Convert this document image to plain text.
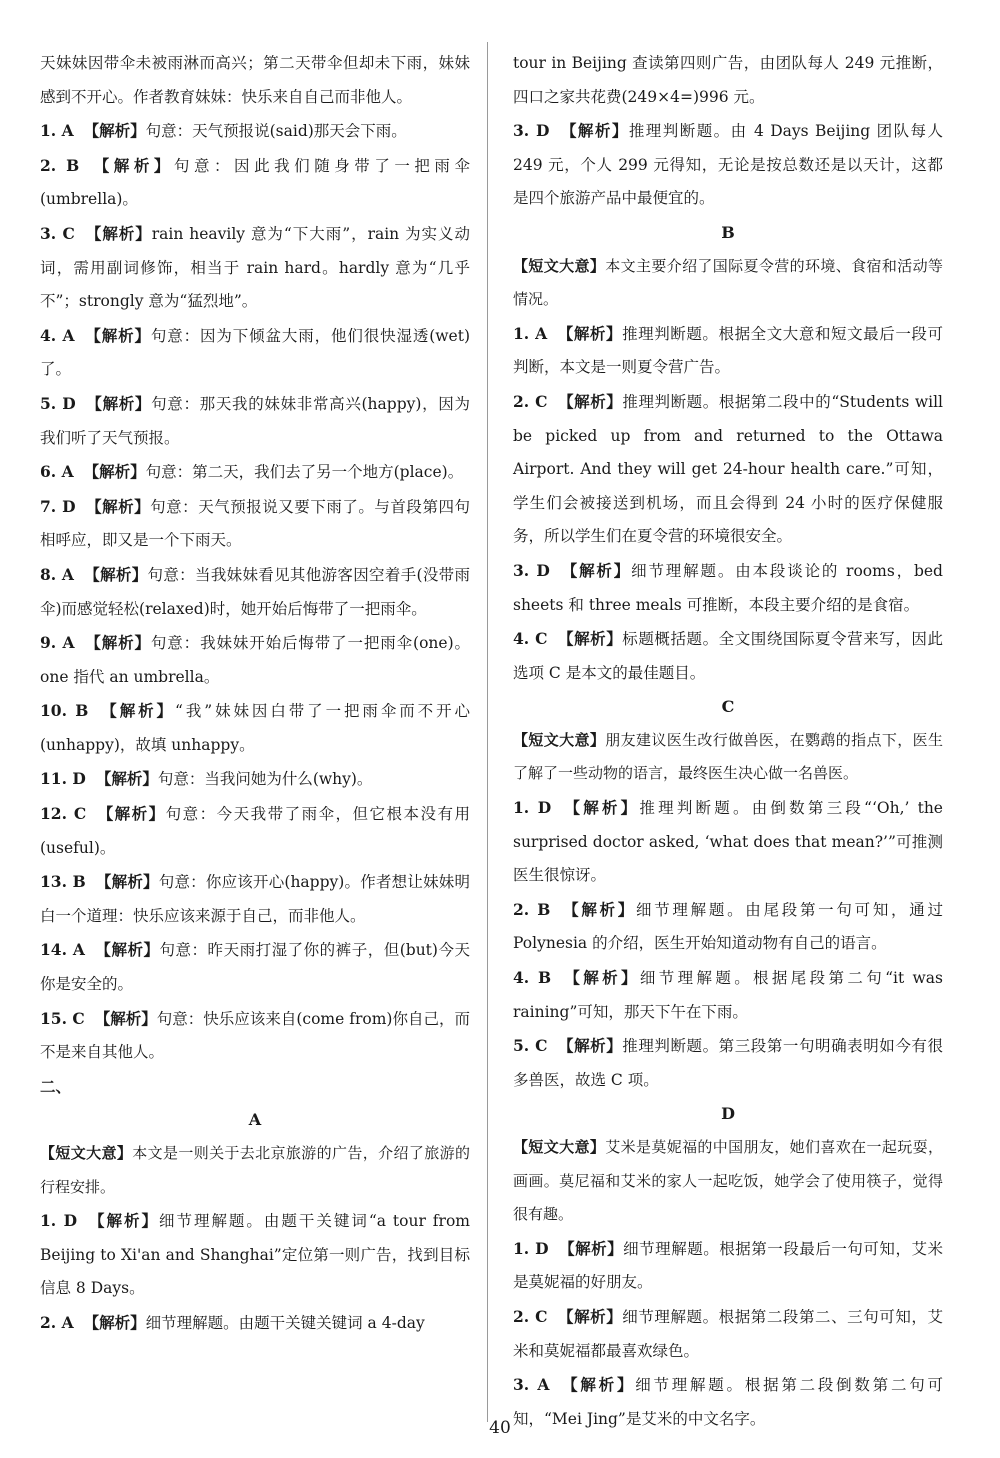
天妹妹因带伞未被雨淋而高兴；第二天带伞但却未下雨，妹妹感到不开心。作者教育妹妹：快乐来自自己而非他人。

1. A 【解析】句意：天气预报说(said)那天会下雨。

2. B 【解析】句意：因此我们随身带了一把雨伞(umbrella)。

3. C 【解析】rain heavily 意为“下大雨”，rain 为实义动词，需用副词修饰，相当于 rain hard。hardly 意为“几乎不”；strongly 意为“猛烈地”。

4. A 【解析】句意：因为下倾盆大雨，他们很快湿透(wet)了。

5. D 【解析】句意：那天我的妹妹非常高兴(happy)，因为我们听了天气预报。

6. A 【解析】句意：第二天，我们去了另一个地方(place)。

7. D 【解析】句意：天气预报说又要下雨了。与首段第四句相呼应，即又是一个下雨天。

8. A 【解析】句意：当我妹妹看见其他游客因空着手(没带雨伞)而感觉轻松(relaxed)时，她开始后悔带了一把雨伞。

9. A 【解析】句意：我妹妹开始后悔带了一把雨伞(one)。one 指代 an umbrella。

10. B 【解析】“我”妹妹因白带了一把雨伞而不开心(unhappy)，故填 unhappy。

11. D 【解析】句意：当我问她为什么(why)。

12. C 【解析】句意：今天我带了雨伞，但它根本没有用(useful)。

13. B 【解析】句意：你应该开心(happy)。作者想让妹妹明白一个道理：快乐应该来源于自己，而非他人。

14. A 【解析】句意：昨天雨打湿了你的裤子，但(but)今天你是安全的。

15. C 【解析】句意：快乐应该来自(come from)你自己，而不是来自其他人。

二、

A

【短文大意】本文是一则关于去北京旅游的广告，介绍了旅游的行程安排。

1. D 【解析】细节理解题。由题干关键词“a tour from Beijing to Xi'an and Shanghai”定位第一则广告，找到目标信息 8 Days。

2. A 【解析】细节理解题。由题干关键关键词 a 4-day

tour in Beijing 查读第四则广告，由团队每人 249 元推断，四口之家共花费(249×4=)996 元。

3. D 【解析】推理判断题。由 4 Days Beijing 团队每人 249 元，个人 299 元得知，无论是按总数还是以天计，这都是四个旅游产品中最便宜的。

B

【短文大意】本文主要介绍了国际夏令营的环境、食宿和活动等情况。

1. A 【解析】推理判断题。根据全文大意和短文最后一段可判断，本文是一则夏令营广告。

2. C 【解析】推理判断题。根据第二段中的“Students will be picked up from and returned to the Ottawa Airport. And they will get 24-hour health care.”可知，学生们会被接送到机场，而且会得到 24 小时的医疗保健服务，所以学生们在夏令营的环境很安全。

3. D 【解析】细节理解题。由本段谈论的 rooms，bed sheets 和 three meals 可推断，本段主要介绍的是食宿。

4. C 【解析】标题概括题。全文围绕国际夏令营来写，因此选项 C 是本文的最佳题目。

C

【短文大意】朋友建议医生改行做兽医，在鹦鹉的指点下，医生了解了一些动物的语言，最终医生决心做一名兽医。

1. D 【解析】推理判断题。由倒数第三段“‘Oh,’ the surprised doctor asked, ‘what does that mean?’”可推测医生很惊讶。

2. B 【解析】细节理解题。由尾段第一句可知，通过 Polynesia 的介绍，医生开始知道动物有自己的语言。

4. B 【解析】细节理解题。根据尾段第二句“it was raining”可知，那天下午在下雨。

5. C 【解析】推理判断题。第三段第一句明确表明如今有很多兽医，故选 C 项。

D

【短文大意】艾米是莫妮福的中国朋友，她们喜欢在一起玩耍，画画。莫尼福和艾米的家人一起吃饭，她学会了使用筷子，觉得很有趣。

1. D 【解析】细节理解题。根据第一段最后一句可知，艾米是莫妮福的好朋友。

2. C 【解析】细节理解题。根据第二段第二、三句可知，艾米和莫妮福都最喜欢绿色。

3. A 【解析】细节理解题。根据第二段倒数第二句可知，“Mei Jing”是艾米的中文名字。

40
